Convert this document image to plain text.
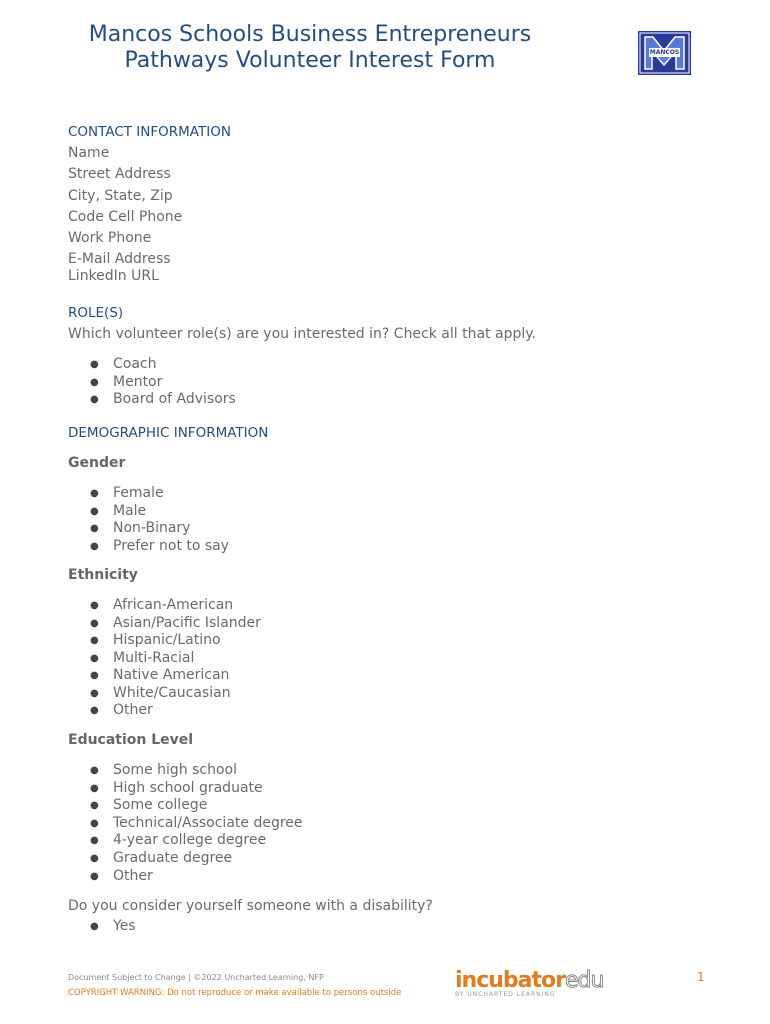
Mancos Schools Business Entrepreneurs
Pathways Volunteer Interest Form	MANCOS
CONTACT INFORMATION
Name
Street Address
City, State, Zip
Code Cell Phone
Work Phone
E-Mail Address
LinkedIn URL
ROLE(S)
Which volunteer role(s) are you interested in? Check all that apply.
● Coach
● Mentor
● Board of Advisors
DEMOGRAPHIC INFORMATION
Gender
● Female
● Male
● Non-Binary
● Prefer not to say
Ethnicity
● African-American
● Asian/Pacific Islander
● Hispanic/Latino
● Multi-Racial
● Native American
● White/Caucasian
● Other
Education Level
● Some high school
● High school graduate
● Some college
● Technical/Associate degree
● 4-year college degree
● Graduate degree
● Other
Do you consider yourself someone with a disability?
● Yes
Document Subject to Change | ©2022 Uncharted Learning, NFP
COPYRIGHT WARNING: Do not reproduce or make available to persons outside incubatoredu
BY UNCHARTED LEARNING
1
